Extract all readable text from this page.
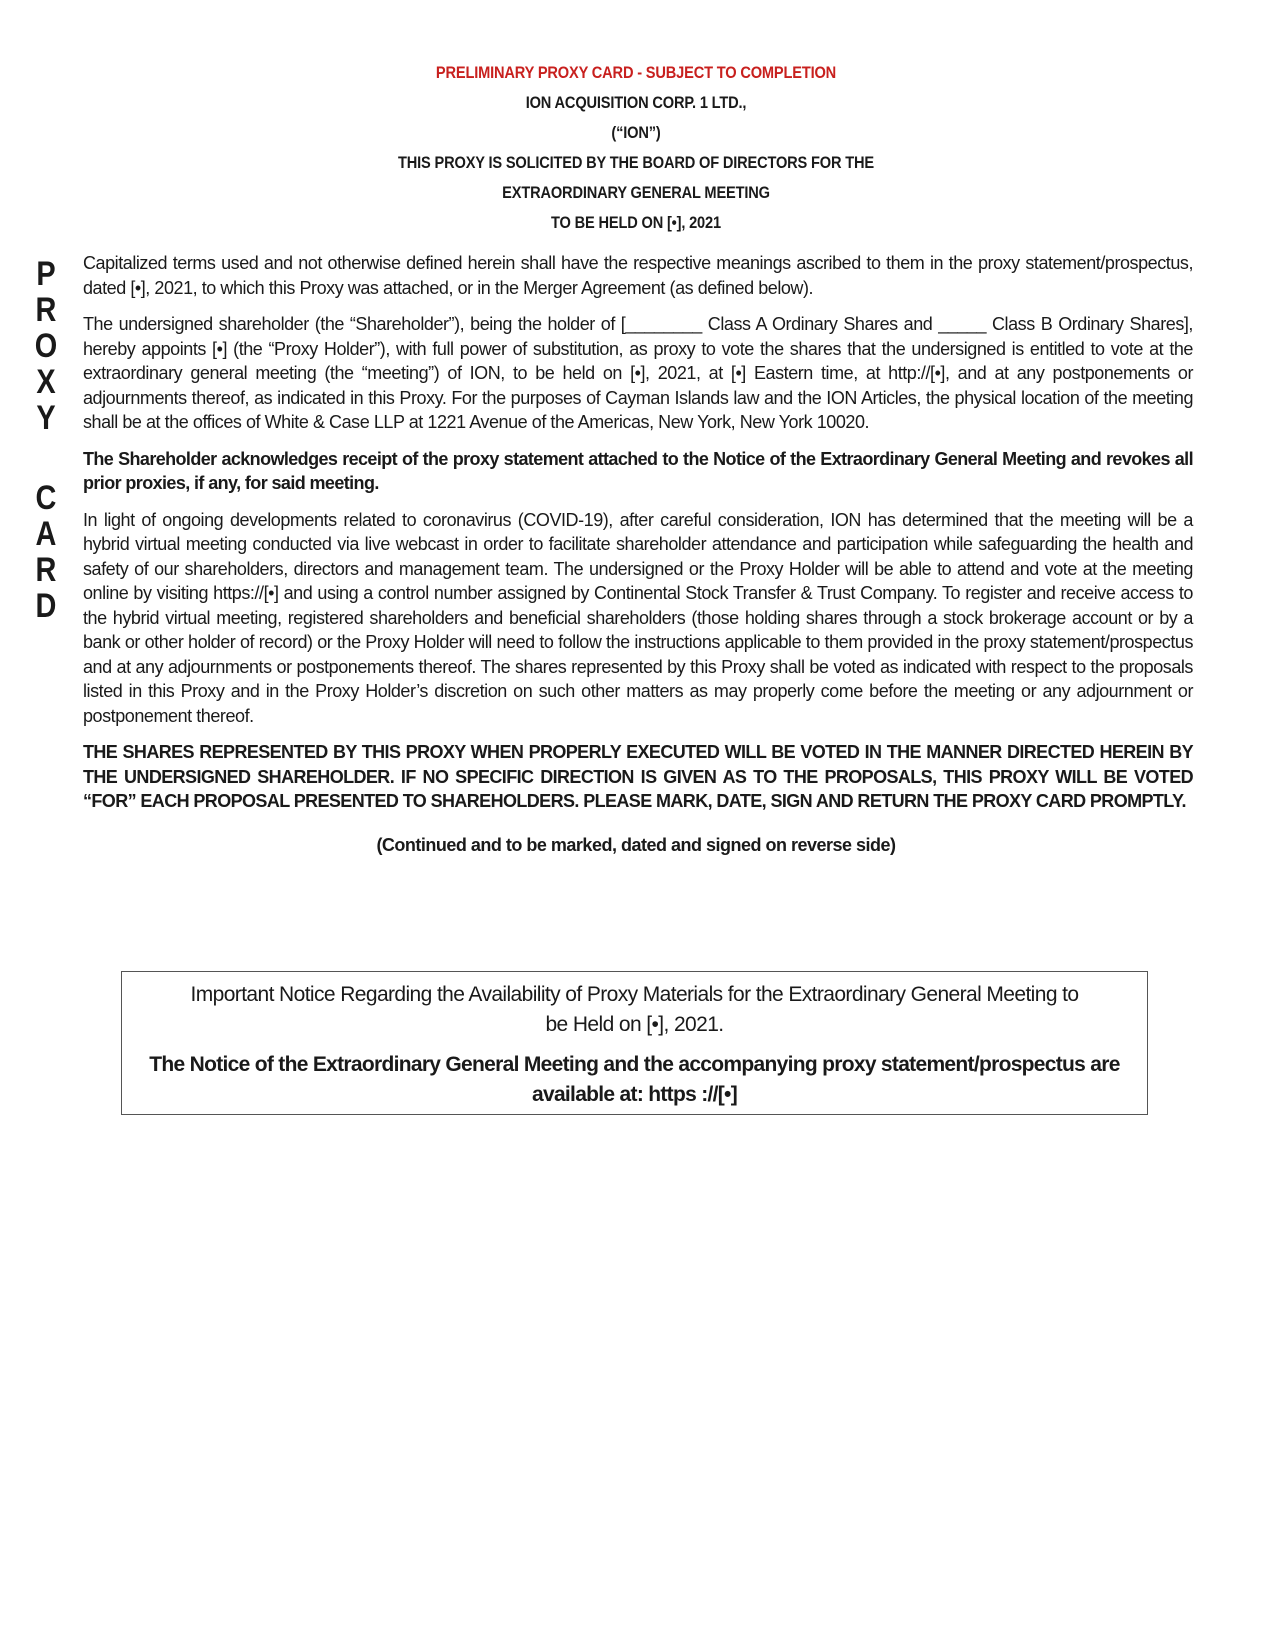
PRELIMINARY PROXY CARD - SUBJECT TO COMPLETION
ION ACQUISITION CORP. 1 LTD.,
(“ION”)
THIS PROXY IS SOLICITED BY THE BOARD OF DIRECTORS FOR THE
EXTRAORDINARY GENERAL MEETING
TO BE HELD ON [•], 2021
P
R
O
X
Y
C
A
R
D

Capitalized terms used and not otherwise defined herein shall have the respective meanings ascribed to them in the proxy statement/prospectus, dated [•], 2021, to which this Proxy was attached, or in the Merger Agreement (as defined below).

The undersigned shareholder (the “Shareholder”), being the holder of [________ Class A Ordinary Shares and _____ Class B Ordinary Shares], hereby appoints [•] (the “Proxy Holder”), with full power of substitution, as proxy to vote the shares that the undersigned is entitled to vote at the extraordinary general meeting (the “meeting”) of ION, to be held on [•], 2021, at [•] Eastern time, at http://[•], and at any postponements or adjournments thereof, as indicated in this Proxy. For the purposes of Cayman Islands law and the ION Articles, the physical location of the meeting shall be at the offices of White & Case LLP at 1221 Avenue of the Americas, New York, New York 10020.

The Shareholder acknowledges receipt of the proxy statement attached to the Notice of the Extraordinary General Meeting and revokes all prior proxies, if any, for said meeting.

In light of ongoing developments related to coronavirus (COVID-19), after careful consideration, ION has determined that the meeting will be a hybrid virtual meeting conducted via live webcast in order to facilitate shareholder attendance and participation while safeguarding the health and safety of our shareholders, directors and management team. The undersigned or the Proxy Holder will be able to attend and vote at the meeting online by visiting https://[•] and using a control number assigned by Continental Stock Transfer & Trust Company. To register and receive access to the hybrid virtual meeting, registered shareholders and beneficial shareholders (those holding shares through a stock brokerage account or by a bank or other holder of record) or the Proxy Holder will need to follow the instructions applicable to them provided in the proxy statement/prospectus and at any adjournments or postponements thereof. The shares represented by this Proxy shall be voted as indicated with respect to the proposals listed in this Proxy and in the Proxy Holder’s discretion on such other matters as may properly come before the meeting or any adjournment or postponement thereof.

THE SHARES REPRESENTED BY THIS PROXY WHEN PROPERLY EXECUTED WILL BE VOTED IN THE MANNER DIRECTED HEREIN BY THE UNDERSIGNED SHAREHOLDER. IF NO SPECIFIC DIRECTION IS GIVEN AS TO THE PROPOSALS, THIS PROXY WILL BE VOTED “FOR” EACH PROPOSAL PRESENTED TO SHAREHOLDERS. PLEASE MARK, DATE, SIGN AND RETURN THE PROXY CARD PROMPTLY.

(Continued and to be marked, dated and signed on reverse side)
Important Notice Regarding the Availability of Proxy Materials for the Extraordinary General Meeting to be Held on [•], 2021.
The Notice of the Extraordinary General Meeting and the accompanying proxy statement/prospectus are available at: https ://[•]
